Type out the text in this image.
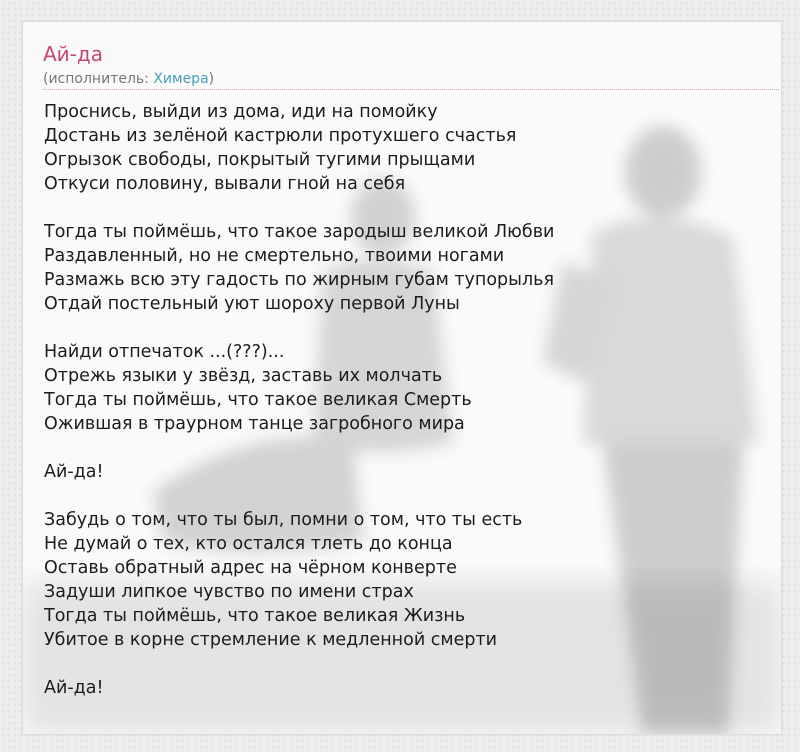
Ай-да
(исполнитель: Химера)
Проснись, выйди из дома, иди на помойку
Достань из зелёной кастрюли протухшего счастья
Огрызок свободы, покрытый тугими прыщами
Откуси половину, вывали гной на себя
Тогда ты поймёшь, что такое зародыш великой Любви
Раздавленный, но не смертельно, твоими ногами
Размажь всю эту гадость по жирным губам тупорылья
Отдай постельный уют шороху первой Луны
Найди отпечаток ...(???)...
Отрежь языки у звёзд, заставь их молчать
Тогда ты поймёшь, что такое великая Смерть
Ожившая в траурном танце загробного мира
Ай-да!
Забудь о том, что ты был, помни о том, что ты есть
Не думай о тех, кто остался тлеть до конца
Оставь обратный адрес на чёрном конверте
Задуши липкое чувство по имени страх
Тогда ты поймёшь, что такое великая Жизнь
Убитое в корне стремление к медленной смерти
Ай-да!
